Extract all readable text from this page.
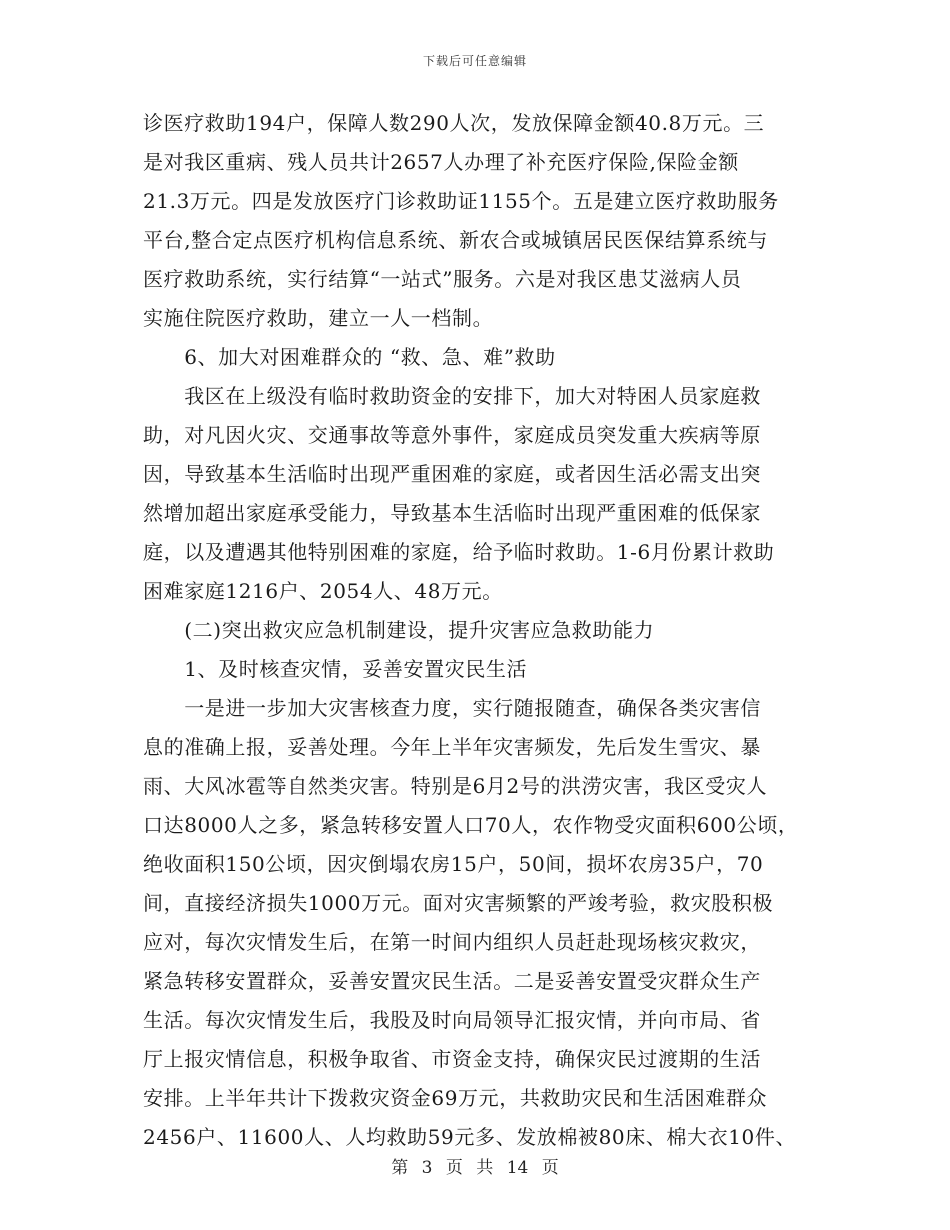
下载后可任意编辑
诊医疗救助194户，保障人数290人次，发放保障金额40.8万元。三
是对我区重病、残人员共计2657人办理了补充医疗保险,保险金额
21.3万元。四是发放医疗门诊救助证1155个。五是建立医疗救助服务
平台,整合定点医疗机构信息系统、新农合或城镇居民医保结算系统与
医疗救助系统，实行结算“一站式”服务。六是对我区患艾滋病人员
实施住院医疗救助，建立一人一档制。
　　6、加大对困难群众的 “救、急、难”救助
　　我区在上级没有临时救助资金的安排下，加大对特困人员家庭救
助，对凡因火灾、交通事故等意外事件，家庭成员突发重大疾病等原
因，导致基本生活临时出现严重困难的家庭，或者因生活必需支出突
然增加超出家庭承受能力，导致基本生活临时出现严重困难的低保家
庭，以及遭遇其他特别困难的家庭，给予临时救助。1-6月份累计救助
困难家庭1216户、2054人、48万元。
　　(二)突出救灾应急机制建设，提升灾害应急救助能力
　　1、及时核查灾情，妥善安置灾民生活
　　一是进一步加大灾害核查力度，实行随报随查，确保各类灾害信
息的准确上报，妥善处理。今年上半年灾害频发，先后发生雪灾、暴
雨、大风冰雹等自然类灾害。特别是6月2号的洪涝灾害，我区受灾人
口达8000人之多，紧急转移安置人口70人，农作物受灾面积600公顷，
绝收面积150公顷，因灾倒塌农房15户，50间，损坏农房35户，70
间，直接经济损失1000万元。面对灾害频繁的严竣考验，救灾股积极
应对，每次灾情发生后，在第一时间内组织人员赶赴现场核灾救灾，
紧急转移安置群众，妥善安置灾民生活。二是妥善安置受灾群众生产
生活。每次灾情发生后，我股及时向局领导汇报灾情，并向市局、省
厅上报灾情信息，积极争取省、市资金支持，确保灾民过渡期的生活
安排。上半年共计下拨救灾资金69万元，共救助灾民和生活困难群众
2456户、11600人、人均救助59元多、发放棉被80床、棉大衣10件、
第 3 页 共 14 页
